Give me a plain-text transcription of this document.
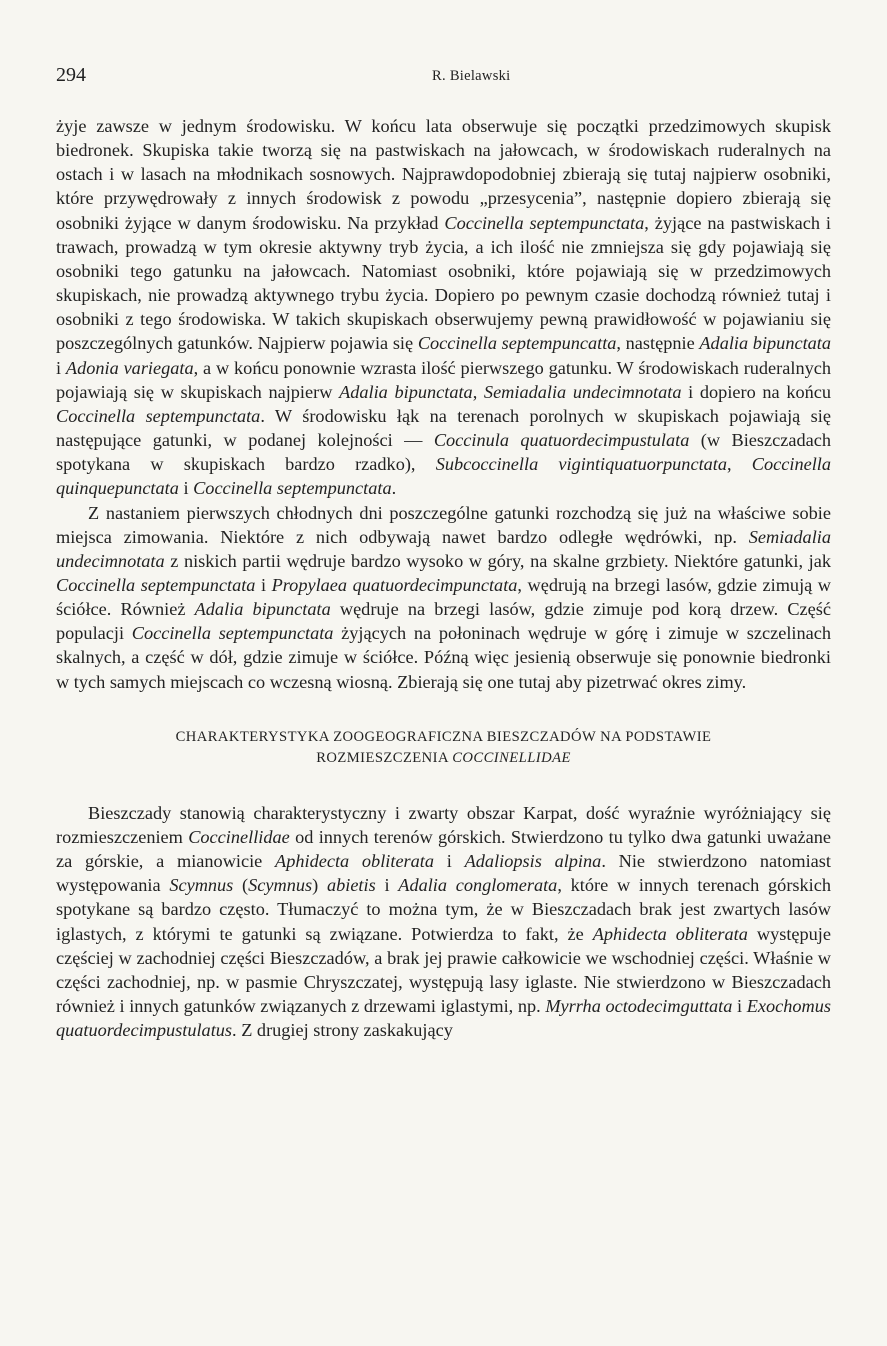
294	R. Bielawski

żyje zawsze w jednym środowisku. W końcu lata obserwuje się początki przedzimowych skupisk biedronek. Skupiska takie tworzą się na pastwiskach na jałowcach, w środowiskach ruderalnych na ostach i w lasach na młodnikach sosnowych. Najprawdopodobniej zbierają się tutaj najpierw osobniki, które przywędrowały z innych środowisk z powodu „przesycenia”, następnie dopiero zbierają się osobniki żyjące w danym środowisku. Na przykład Coccinella septempunctata, żyjące na pastwiskach i trawach, prowadzą w tym okresie aktywny tryb życia, a ich ilość nie zmniejsza się gdy pojawiają się osobniki tego gatunku na jałowcach. Natomiast osobniki, które pojawiają się w przedzimowych skupiskach, nie prowadzą aktywnego trybu życia. Dopiero po pewnym czasie dochodzą również tutaj i osobniki z tego środowiska. W takich skupiskach obserwujemy pewną prawidłowość w pojawianiu się poszczególnych gatunków. Najpierw pojawia się Coccinella septempuncatta, następnie Adalia bipunctata i Adonia variegata, a w końcu ponownie wzrasta ilość pierwszego gatunku. W środowiskach ruderalnych pojawiają się w skupiskach najpierw Adalia bipunctata, Semiadalia undecimnotata i dopiero na końcu Coccinella septempunctata. W środowisku łąk na terenach porolnych w skupiskach pojawiają się następujące gatunki, w podanej kolejności — Coccinula quatuordecimpustulata (w Bieszczadach spotykana w skupiskach bardzo rzadko), Subcoccinella vigintiquatuorpunctata, Coccinella quinquepunctata i Coccinella septempunctata.

Z nastaniem pierwszych chłodnych dni poszczególne gatunki rozchodzą się już na właściwe sobie miejsca zimowania. Niektóre z nich odbywają nawet bardzo odległe wędrówki, np. Semiadalia undecimnotata z niskich partii wędruje bardzo wysoko w góry, na skalne grzbiety. Niektóre gatunki, jak Coccinella septempunctata i Propylaea quatuordecimpunctata, wędrują na brzegi lasów, gdzie zimują w ściółce. Również Adalia bipunctata wędruje na brzegi lasów, gdzie zimuje pod korą drzew. Część populacji Coccinella septempunctata żyjących na połoninach wędruje w górę i zimuje w szczelinach skalnych, a część w dół, gdzie zimuje w ściółce. Późną więc jesienią obserwuje się ponownie biedronki w tych samych miejscach co wczesną wiosną. Zbierają się one tutaj aby pizetrwać okres zimy.

CHARAKTERYSTYKA ZOOGEOGRAFICZNA BIESZCZADÓW NA PODSTAWIE
ROZMIESZCZENIA COCCINELLIDAE

Bieszczady stanowią charakterystyczny i zwarty obszar Karpat, dość wyraźnie wyróżniający się rozmieszczeniem Coccinellidae od innych terenów górskich. Stwierdzono tu tylko dwa gatunki uważane za górskie, a mianowicie Aphidecta obliterata i Adaliopsis alpina. Nie stwierdzono natomiast występowania Scymnus (Scymnus) abietis i Adalia conglomerata, które w innych terenach górskich spotykane są bardzo często. Tłumaczyć to można tym, że w Bieszczadach brak jest zwartych lasów iglastych, z którymi te gatunki są związane. Potwierdza to fakt, że Aphidecta obliterata występuje częściej w zachodniej części Bieszczadów, a brak jej prawie całkowicie we wschodniej części. Właśnie w części zachodniej, np. w pasmie Chryszczatej, występują lasy iglaste. Nie stwierdzono w Bieszczadach również i innych gatunków związanych z drzewami iglastymi, np. Myrrha octodecimguttata i Exochomus quatuordecimpustulatus. Z drugiej strony zaskakujący
